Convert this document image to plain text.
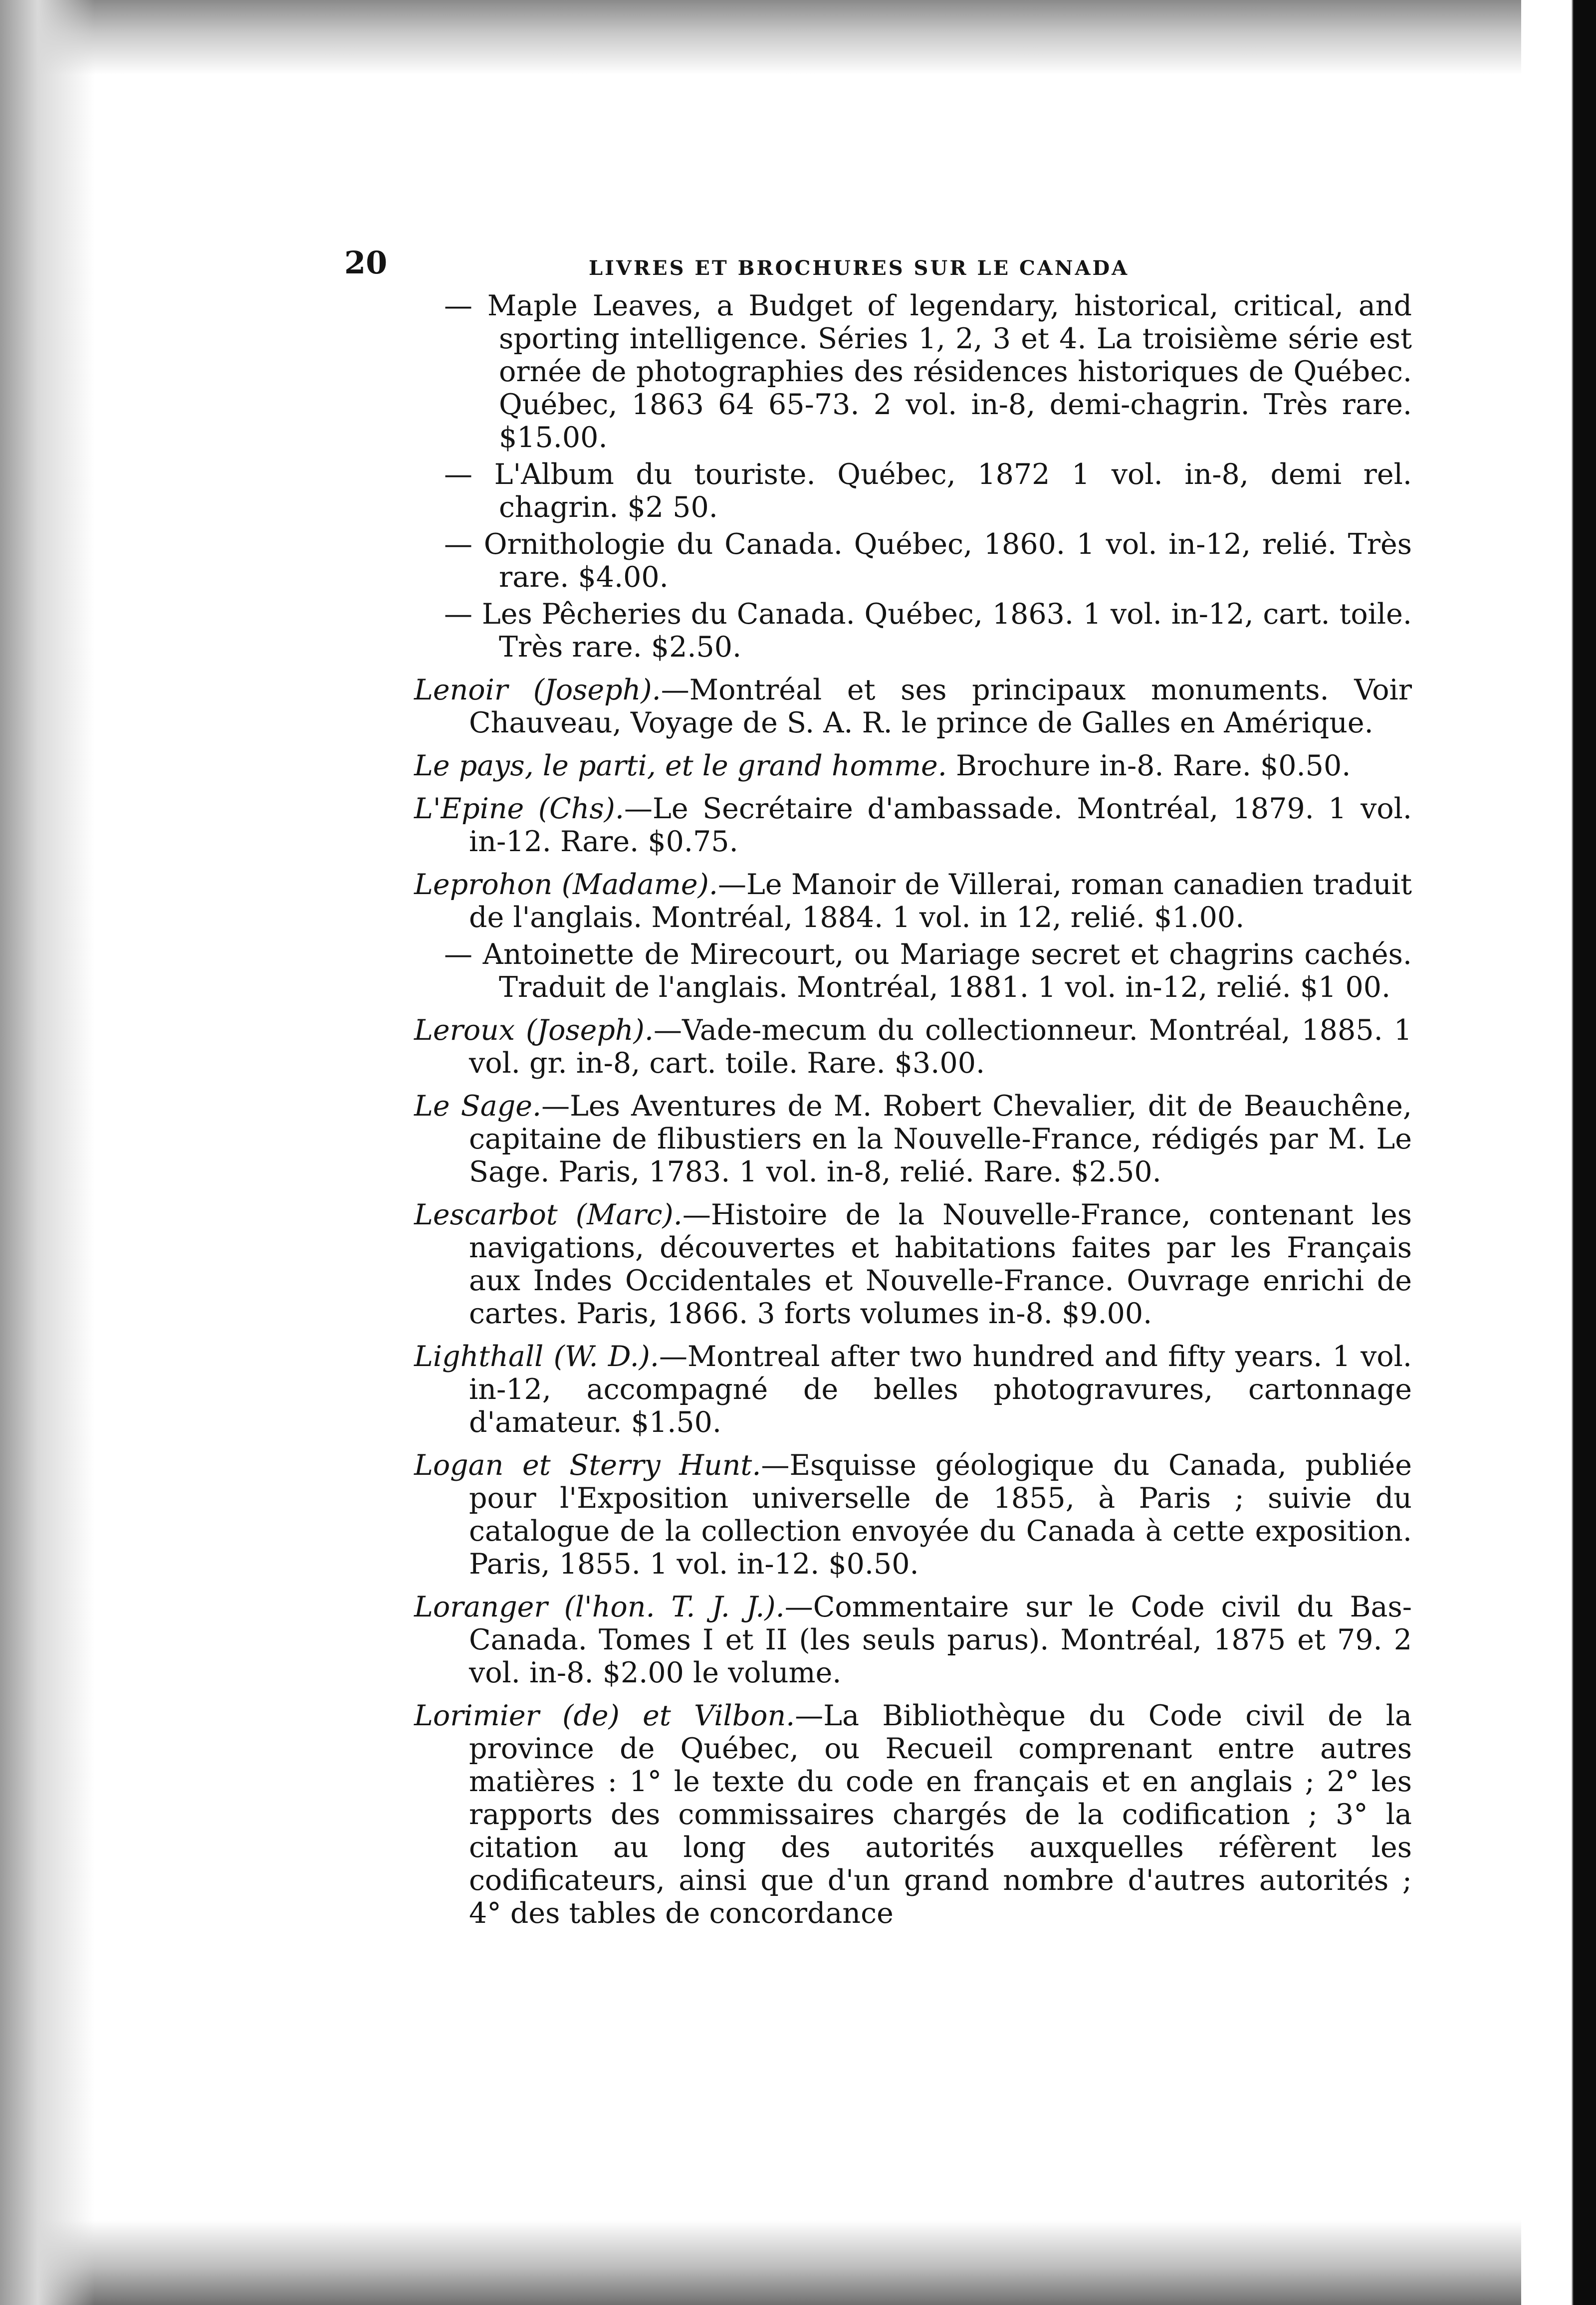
20	LIVRES ET BROCHURES SUR LE CANADA
— Maple Leaves, a Budget of legendary, historical, critical, and sporting intelligence. Séries 1, 2, 3 et 4. La troisième série est ornée de photographies des résidences historiques de Québec. Québec, 1863 64 65-73. 2 vol. in-8, demi-chagrin. Très rare. $15.00.
— L'Album du touriste. Québec, 1872 1 vol. in-8, demi rel. chagrin. $2 50.
— Ornithologie du Canada. Québec, 1860. 1 vol. in-12, relié. Très rare. $4.00.
— Les Pêcheries du Canada. Québec, 1863. 1 vol. in-12, cart. toile. Très rare. $2.50.
Lenoir (Joseph).—Montréal et ses principaux monuments. Voir Chauveau, Voyage de S. A. R. le prince de Galles en Amérique.
Le pays, le parti, et le grand homme. Brochure in-8. Rare. $0.50.
L'Epine (Chs).—Le Secrétaire d'ambassade. Montréal, 1879. 1 vol. in-12. Rare. $0.75.
Leprohon (Madame).—Le Manoir de Villerai, roman canadien traduit de l'anglais. Montréal, 1884. 1 vol. in 12, relié. $1.00.
— Antoinette de Mirecourt, ou Mariage secret et chagrins cachés. Traduit de l'anglais. Montréal, 1881. 1 vol. in-12, relié. $1 00.
Leroux (Joseph).—Vade-mecum du collectionneur. Montréal, 1885. 1 vol. gr. in-8, cart. toile. Rare. $3.00.
Le Sage.—Les Aventures de M. Robert Chevalier, dit de Beauchêne, capitaine de flibustiers en la Nouvelle-France, rédigés par M. Le Sage. Paris, 1783. 1 vol. in-8, relié. Rare. $2.50.
Lescarbot (Marc).—Histoire de la Nouvelle-France, contenant les navigations, découvertes et habitations faites par les Français aux Indes Occidentales et Nouvelle-France. Ouvrage enrichi de cartes. Paris, 1866. 3 forts volumes in-8. $9.00.
Lighthall (W. D.).—Montreal after two hundred and fifty years. 1 vol. in-12, accompagné de belles photogravures, cartonnage d'amateur. $1.50.
Logan et Sterry Hunt.—Esquisse géologique du Canada, publiée pour l'Exposition universelle de 1855, à Paris ; suivie du catalogue de la collection envoyée du Canada à cette exposition. Paris, 1855. 1 vol. in-12. $0.50.
Loranger (l'hon. T. J. J.).—Commentaire sur le Code civil du Bas-Canada. Tomes I et II (les seuls parus). Montréal, 1875 et 79. 2 vol. in-8. $2.00 le volume.
Lorimier (de) et Vilbon.—La Bibliothèque du Code civil de la province de Québec, ou Recueil comprenant entre autres matières : 1° le texte du code en français et en anglais ; 2° les rapports des commissaires chargés de la codification ; 3° la citation au long des autorités auxquelles réfèrent les codificateurs, ainsi que d'un grand nombre d'autres autorités ; 4° des tables de concordance
